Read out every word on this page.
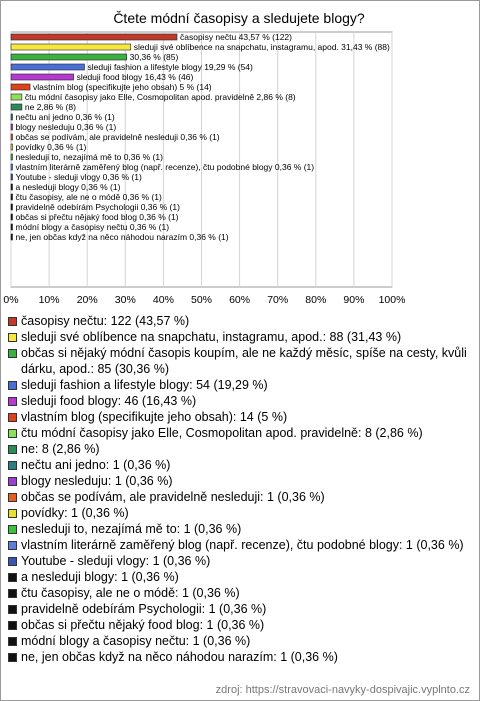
Čtete módní časopisy a sledujete blogy?
0% 10% 20% 30% 40% 50% 60% 70% 80% 90% 100%
časopisy nečtu 43,57 % (122)
sleduji své oblíbence na snapchatu, instagramu, apod. 31,43 % (88)
30,36 % (85)
sleduji fashion a lifestyle blogy 19,29 % (54)
sleduji food blogy 16,43 % (46)
vlastním blog (specifikujte jeho obsah) 5 % (14)
čtu módní časopisy jako Elle, Cosmopolitan apod. pravidelně 2,86 % (8)
ne 2,86 % (8)
nečtu ani jedno 0,36 % (1)
blogy nesleduju 0,36 % (1)
občas se podívám, ale pravidelně nesleduji 0,36 % (1)
povídky 0,36 % (1)
nesleduji to, nezajímá mě to 0,36 % (1)
vlastním literárně zaměřený blog (např. recenze), čtu podobné blogy 0,36 % (1)
Youtube - sleduji vlogy 0,36 % (1)
a nesleduji blogy 0,36 % (1)
čtu časopisy, ale ne o módě 0,36 % (1)
pravidelně odebírám Psychologii 0,36 % (1)
občas si přečtu nějaký food blog 0,36 % (1)
módní blogy a časopisy nečtu 0,36 % (1)
ne, jen občas když na něco náhodou narazím 0,36 % (1)
časopisy nečtu: 122 (43,57 %)
sleduji své oblíbence na snapchatu, instagramu, apod.: 88 (31,43 %)
občas si nějaký módní časopis koupím, ale ne každý měsíc, spíše na cesty, kvůli dárku, apod.: 85 (30,36 %)
sleduji fashion a lifestyle blogy: 54 (19,29 %)
sleduji food blogy: 46 (16,43 %)
vlastním blog (specifikujte jeho obsah): 14 (5 %)
čtu módní časopisy jako Elle, Cosmopolitan apod. pravidelně: 8 (2,86 %)
ne: 8 (2,86 %)
nečtu ani jedno: 1 (0,36 %)
blogy nesleduju: 1 (0,36 %)
občas se podívám, ale pravidelně nesleduji: 1 (0,36 %)
povídky: 1 (0,36 %)
nesleduji to, nezajímá mě to: 1 (0,36 %)
vlastním literárně zaměřený blog (např. recenze), čtu podobné blogy: 1 (0,36 %)
Youtube - sleduji vlogy: 1 (0,36 %)
a nesleduji blogy: 1 (0,36 %)
čtu časopisy, ale ne o módě: 1 (0,36 %)
pravidelně odebírám Psychologii: 1 (0,36 %)
občas si přečtu nějaký food blog: 1 (0,36 %)
módní blogy a časopisy nečtu: 1 (0,36 %)
ne, jen občas když na něco náhodou narazím: 1 (0,36 %)
zdroj: https://stravovaci-navyky-dospivajic.vyplnto.cz
